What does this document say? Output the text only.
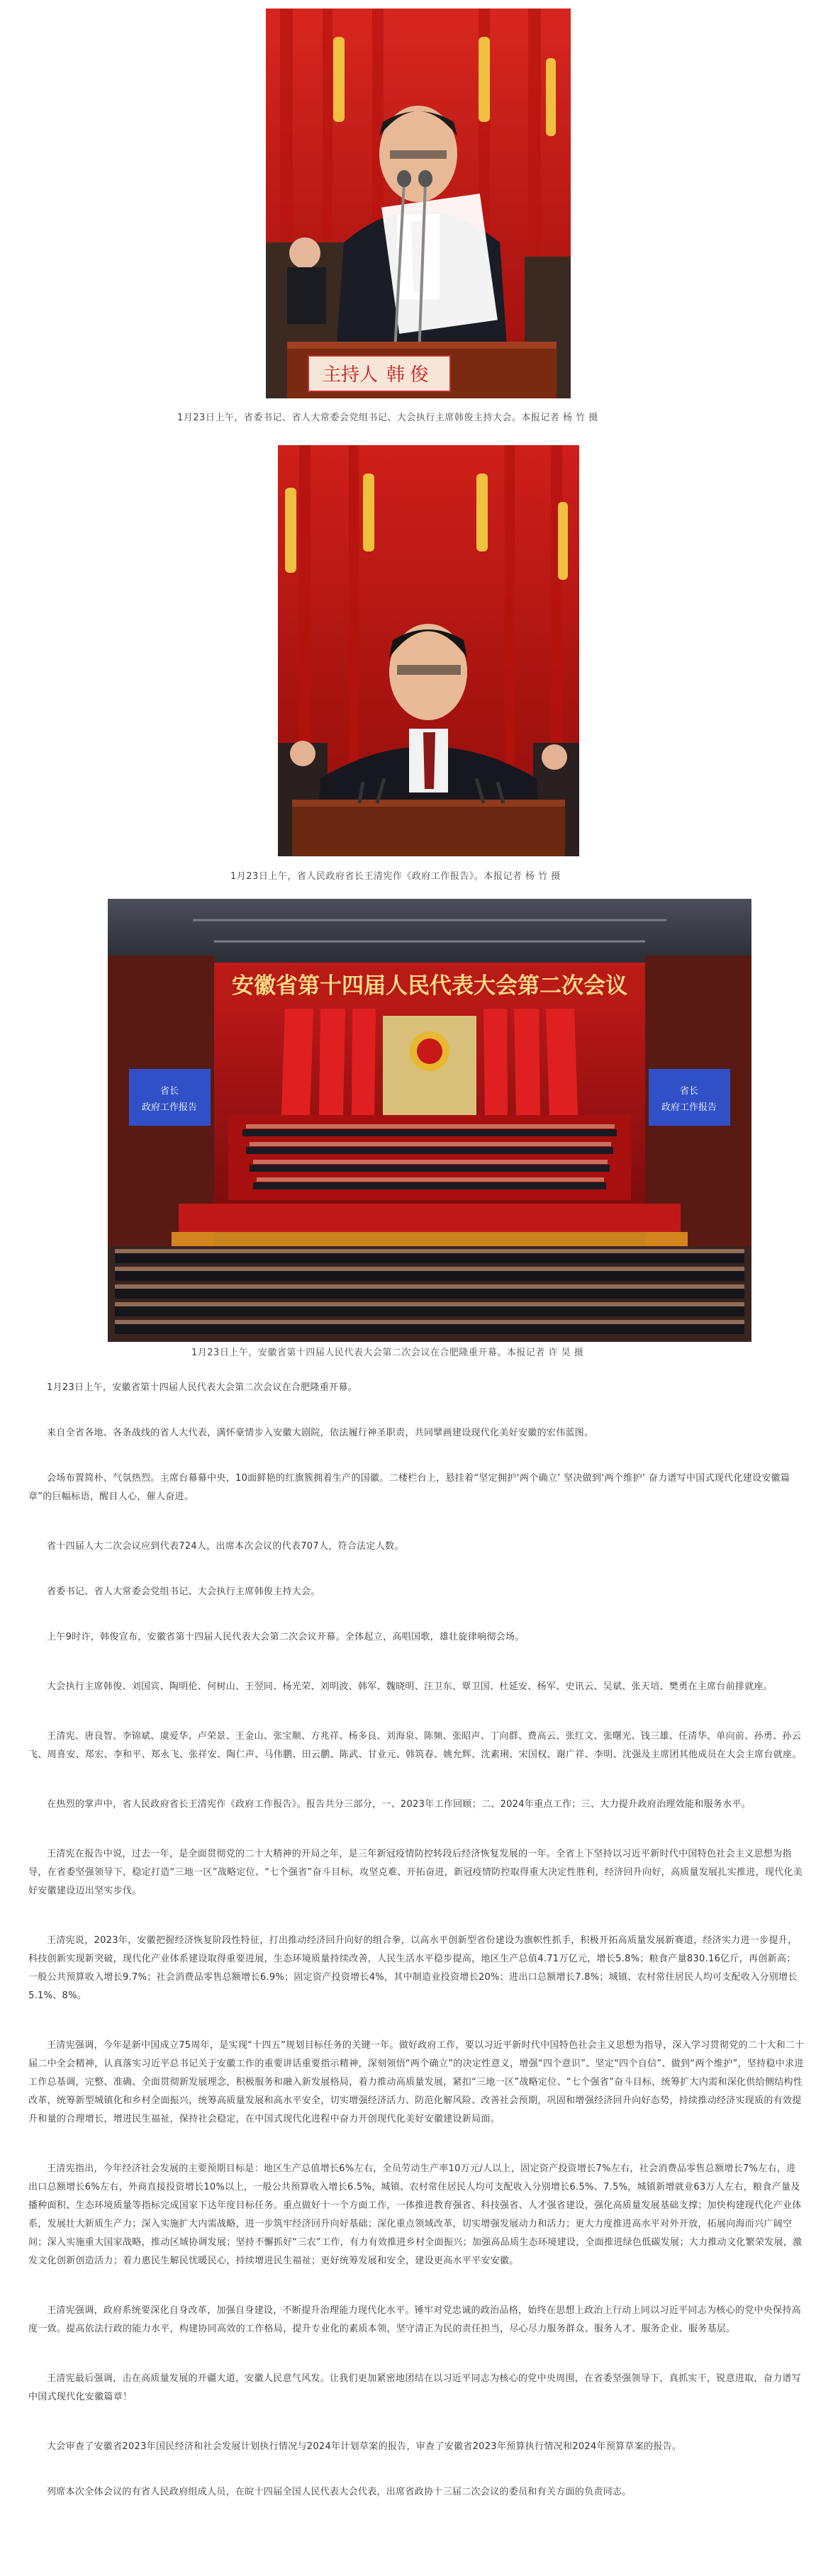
主持人 韩 俊
1月23日上午，省委书记、省人大常委会党组书记、大会执行主席韩俊主持大会。本报记者 杨 竹 摄
1月23日上午，省人民政府省长王清宪作《政府工作报告》。本报记者 杨 竹 摄
省长
政府工作报告
省长
政府工作报告
安徽省第十四届人民代表大会第二次会议
1月23日上午，安徽省第十四届人民代表大会第二次会议在合肥隆重开幕。本报记者 许 昊 摄

1月23日上午，安徽省第十四届人民代表大会第二次会议在合肥隆重开幕。

来自全省各地、各条战线的省人大代表，满怀豪情步入安徽大剧院，依法履行神圣职责，共同擘画建设现代化美好安徽的宏伟蓝图。

会场布置简朴、气氛热烈。主席台幕幕中央，10面鲜艳的红旗簇拥着生产的国徽。二楼栏台上，悬挂着“坚定拥护‘两个确立’ 坚决做到‘两个维护’ 奋力谱写中国式现代化建设安徽篇章”的巨幅标语，醒目人心，催人奋进。

省十四届人大二次会议应到代表724人，出席本次会议的代表707人，符合法定人数。

省委书记、省人大常委会党组书记、大会执行主席韩俊主持大会。

上午9时许，韩俊宣布，安徽省第十四届人民代表大会第二次会议开幕。全体起立，高唱国歌，雄壮旋律响彻会场。

大会执行主席韩俊、刘国宾、陶明伦、何树山、王翌同、杨光荣、刘明波、韩军、魏晓明、汪卫东、覃卫国、杜延安、杨军、史讯云、吴斌、张天培、樊勇在主席台前排就座。

王清宪、唐良智、李锦斌、虞爱华、卢荣景、王金山、张宝顺、方兆祥、杨多良、刘海泉、陈频、张昭声、丁向群、费高云、张红文、张曙光、钱三雄、任清华、单向前、孙勇、孙云飞、周喜安、郑宏、李和平、郑永飞、张祥安、陶仁声、马伟鹏、田云鹏、陈武、甘业元、韩筑春、姚允辉、沈素琍、宋国权、谢广祥、李明、沈强及主席团其他成员在大会主席台就座。

在热烈的掌声中，省人民政府省长王清宪作《政府工作报告》。报告共分三部分，一、2023年工作回顾；二、2024年重点工作；三、大力提升政府治理效能和服务水平。

王清宪在报告中说，过去一年，是全面贯彻党的二十大精神的开局之年，是三年新冠疫情防控转段后经济恢复发展的一年。全省上下坚持以习近平新时代中国特色社会主义思想为指导，在省委坚强领导下，稳定打造“三地一区”战略定位、“七个强省”奋斗目标，攻坚克难、开拓奋进，新冠疫情防控取得重大决定性胜利，经济回升向好，高质量发展扎实推进，现代化美好安徽建设迈出坚实步伐。

王清宪说，2023年，安徽把握经济恢复阶段性特征，打出推动经济回升向好的组合拳，以高水平创新型省份建设为旗帜性抓手，积极开拓高质量发展新赛道，经济实力进一步提升，科技创新实现新突破，现代化产业体系建设取得重要进展，生态环境质量持续改善，人民生活水平稳步提高，地区生产总值4.71万亿元，增长5.8%；粮食产量830.16亿斤，再创新高；一般公共预算收入增长9.7%；社会消费品零售总额增长6.9%；固定资产投资增长4%，其中制造业投资增长20%；进出口总额增长7.8%；城镇、农村常住居民人均可支配收入分别增长5.1%、8%。

王清宪强调，今年是新中国成立75周年，是实现“十四五”规划目标任务的关键一年。做好政府工作，要以习近平新时代中国特色社会主义思想为指导，深入学习贯彻党的二十大和二十届二中全会精神，认真落实习近平总书记关于安徽工作的重要讲话重要指示精神，深刻领悟“两个确立”的决定性意义，增强“四个意识”、坚定“四个自信”、做到“两个维护”，坚持稳中求进工作总基调，完整、准确、全面贯彻新发展理念，积极服务和融入新发展格局，着力推动高质量发展，紧扣“三地一区”战略定位、“七个强省”奋斗目标，统筹扩大内需和深化供给侧结构性改革，统筹新型城镇化和乡村全面振兴，统筹高质量发展和高水平安全，切实增强经济活力、防范化解风险、改善社会预期，巩固和增强经济回升向好态势，持续推动经济实现质的有效提升和量的合理增长，增进民生福祉，保持社会稳定，在中国式现代化进程中奋力开创现代化美好安徽建设新局面。

王清宪指出，今年经济社会发展的主要预期目标是：地区生产总值增长6%左右，全员劳动生产率10万元/人以上，固定资产投资增长7%左右，社会消费品零售总额增长7%左右，进出口总额增长6%左右，外商直接投资增长10%以上，一般公共预算收入增长6.5%，城镇、农村常住居民人均可支配收入分别增长6.5%、7.5%，城镇新增就业63万人左右，粮食产量及播种面积、生态环境质量等指标完成国家下达年度目标任务。重点做好十一个方面工作，一体推进教育强省、科技强省、人才强省建设，强化高质量发展基础支撑；加快构建现代化产业体系，发展壮大新质生产力；深入实施扩大内需战略，进一步筑牢经济回升向好基础；深化重点领域改革，切实增强发展动力和活力；更大力度推进高水平对外开放，拓展向海而兴广阔空间；深入实施重大国家战略，推动区域协调发展；坚持不懈抓好“三农”工作，有力有效推进乡村全面振兴；加强高品质生态环境建设，全面推进绿色低碳发展；大力推动文化繁荣发展，激发文化创新创造活力；着力惠民生解民忧暖民心，持续增进民生福祉；更好统筹发展和安全，建设更高水平平安安徽。

王清宪强调，政府系统要深化自身改革，加强自身建设，不断提升治理能力现代化水平。锤牢对党忠诚的政治品格，始终在思想上政治上行动上同以习近平同志为核心的党中央保持高度一致。提高依法行政的能力水平，构建协同高效的工作格局，提升专业化的素质本领，坚守清正为民的责任担当，尽心尽力服务群众、服务人才、服务企业、服务基层。

王清宪最后强调，击在高质量发展的开疆大道，安徽人民意气风发。让我们更加紧密地团结在以习近平同志为核心的党中央周围，在省委坚强领导下，真抓实干，锐意进取，奋力谱写中国式现代化安徽篇章！

大会审查了安徽省2023年国民经济和社会发展计划执行情况与2024年计划草案的报告，审查了安徽省2023年预算执行情况和2024年预算草案的报告。

列席本次全体会议的有省人民政府组成人员，在皖十四届全国人民代表大会代表，出席省政协十三届二次会议的委员和有关方面的负责同志。
